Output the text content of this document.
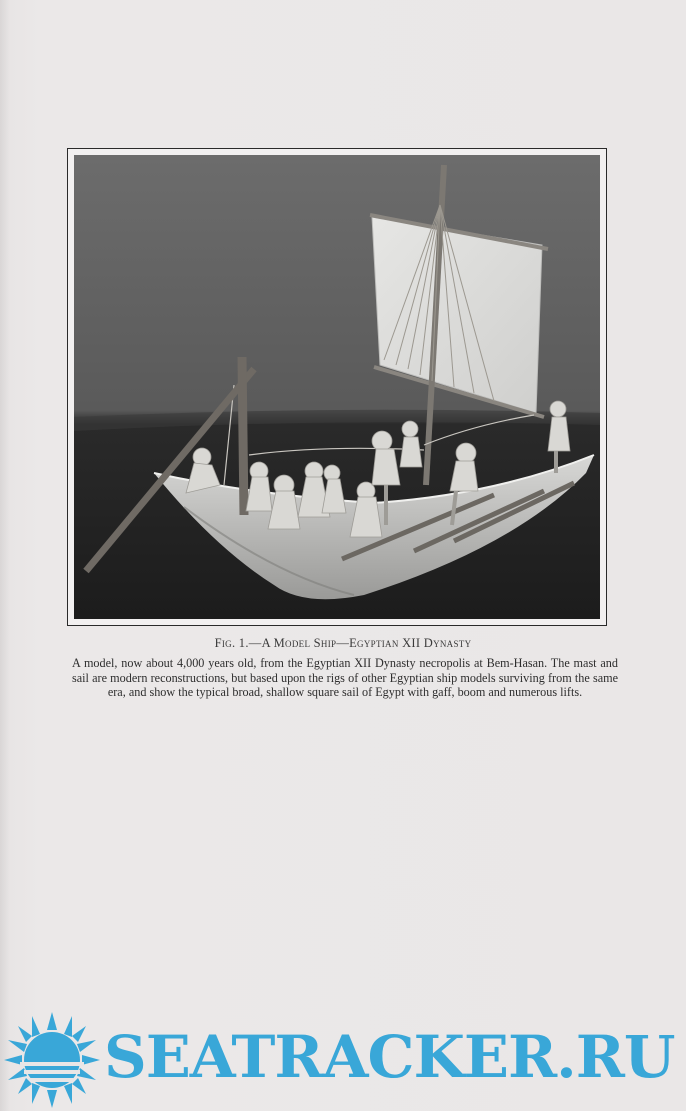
Fig. 1.—A Model Ship—Egyptian XII Dynasty
A model, now about 4,000 years old, from the Egyptian XII Dynasty necropolis at Bem-Hasan. The mast and sail are modern reconstructions, but based upon the rigs of other Egyptian ship models surviving from the same era, and show the typical broad, shallow square sail of Egypt with gaff, boom and numerous lifts.
SEATRACKER.RU
